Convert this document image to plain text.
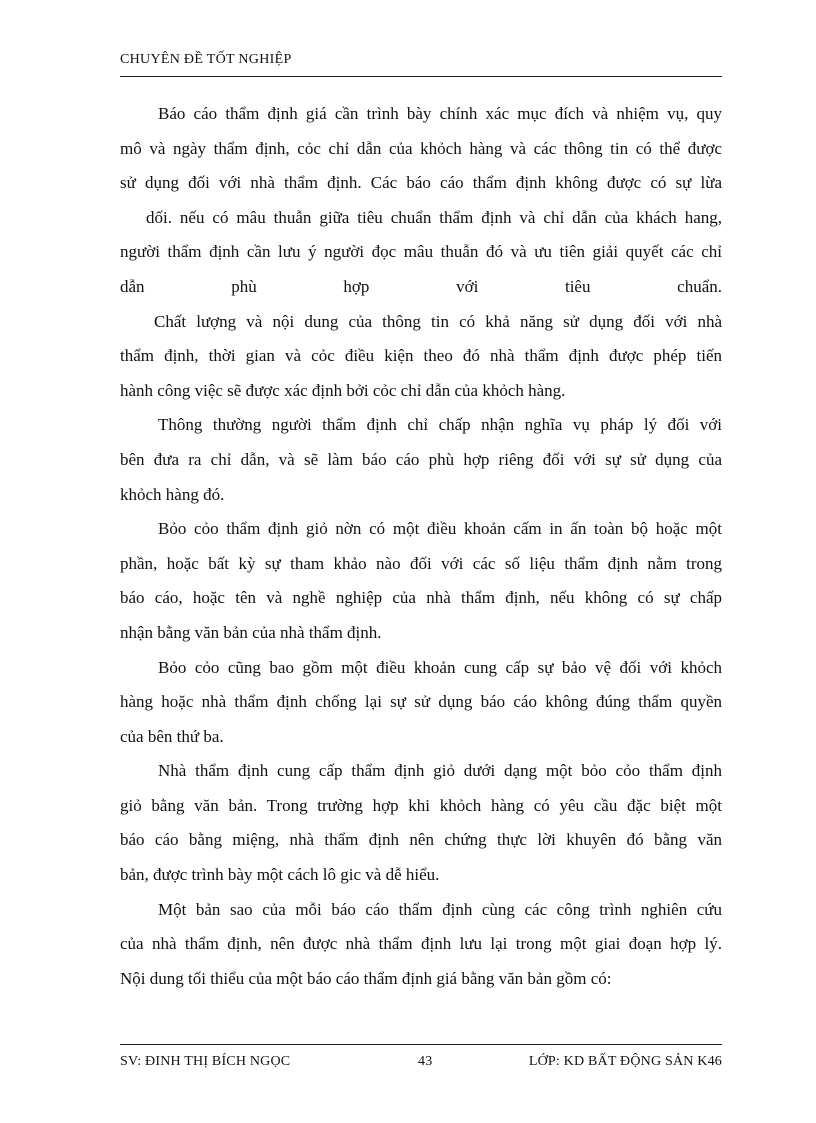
CHUYÊN ĐỀ TỐT NGHIỆP

Báo cáo thẩm định giá cần trình bày chính xác mục đích và nhiệm vụ, quy
mô và ngày thẩm định, cỏc chỉ dẫn của khỏch hàng và các thông tin có thể được
sử dụng đối với nhà thẩm định. Các báo cáo thẩm định không được có sự lừa
dối. nếu có mâu thuẫn giữa tiêu chuẩn thẩm định và chỉ dẫn của khách hang,
người thẩm định cần lưu ý người đọc mâu thuẫn đó và ưu tiên giải quyết các chỉ
dẫn phù hợp với tiêu chuẩn.

Chất lượng và nội dung của thông tin có khả năng sử dụng đối với nhà
thẩm định, thời gian và cỏc điều kiện theo đó nhà thẩm định được phép tiến
hành công việc sẽ được xác định bởi cỏc chỉ dẫn của khỏch hàng.

Thông thường người thẩm định chỉ chấp nhận nghĩa vụ pháp lý đối với
bên đưa ra chỉ dẫn, và sẽ làm báo cáo phù hợp riêng đối với sự sử dụng của
khỏch hàng đó.

Bỏo cỏo thẩm định giỏ nờn có một điều khoản cấm in ấn toàn bộ hoặc một
phần, hoặc bất kỳ sự tham khảo nào đối với các số liệu thẩm định nằm trong
báo cáo, hoặc tên và nghề nghiệp của nhà thẩm định, nếu không có sự chấp
nhận bằng văn bản của nhà thẩm định.

Bỏo cỏo cũng bao gồm một điều khoản cung cấp sự bảo vệ đối với khỏch
hàng hoặc nhà thẩm định chống lại sự sử dụng báo cáo không đúng thẩm quyền
của bên thứ ba.

Nhà thẩm định cung cấp thẩm định giỏ dưới dạng một bỏo cỏo thẩm định
giỏ bằng văn bản. Trong trường hợp khi khỏch hàng có yêu cầu đặc biệt một
báo cáo bằng miệng, nhà thẩm định nên chứng thực lời khuyên đó bằng văn
bản, được trình bày một cách lô gic và dễ hiểu.

Một bản sao của mỗi báo cáo thẩm định cùng các công trình nghiên cứu
của nhà thẩm định, nên được nhà thẩm định lưu lại trong một giai đoạn hợp lý.
Nội dung tối thiểu của một báo cáo thẩm định giá bằng văn bản gồm có:

SV: ĐINH THỊ BÍCH NGỌC	43	LỚP: KD BẤT ĐỘNG SẢN K46
